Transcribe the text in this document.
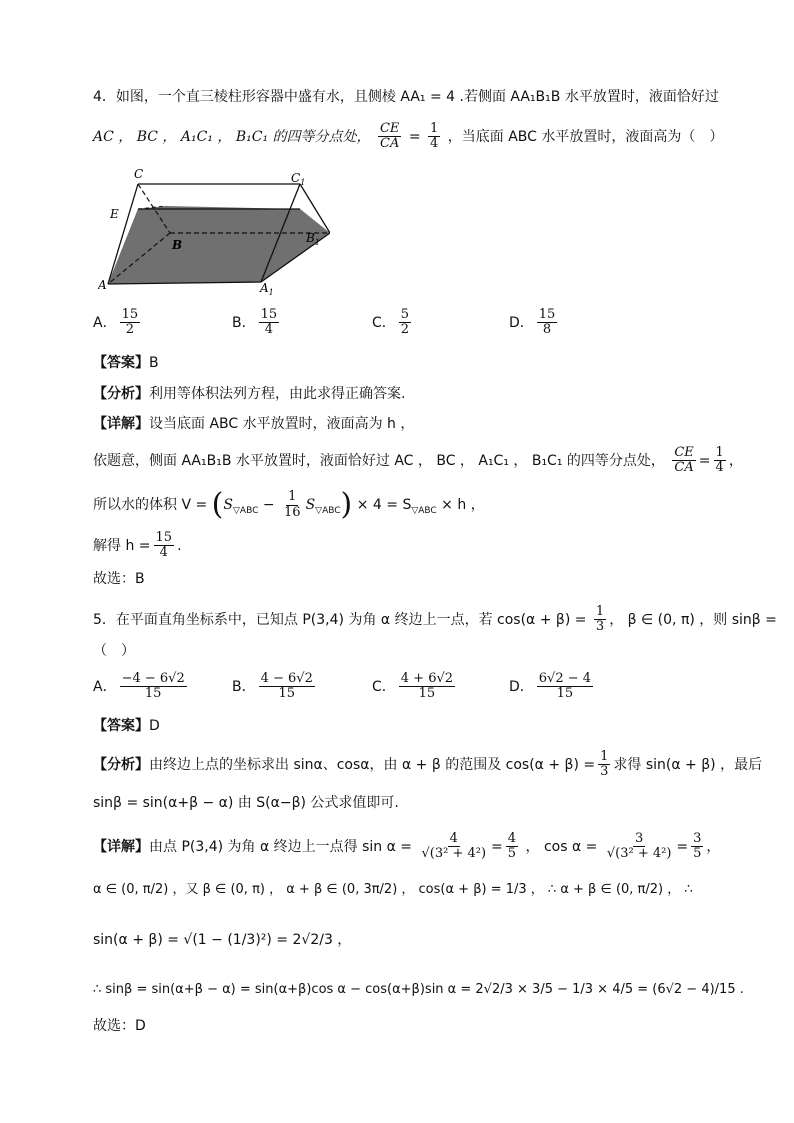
4．如图，一个直三棱柱形容器中盛有水，且侧棱 AA₁ = 4 .若侧面 AA₁B₁B 水平放置时，液面恰好过
AC ， BC ， A₁C₁ ， B₁C₁ 的四等分点处， $\frac{CE}{CA} = \frac{1}{4}$ ，当底面 ABC 水平放置时，液面高为（　）
C	$C_1$
E
B	$B_1$
A	$A_1$
A． $\frac{15}{2}$	B． $\frac{15}{4}$	C． $\frac{5}{2}$	D． $\frac{15}{8}$
【答案】B
【分析】利用等体积法列方程，由此求得正确答案.
【详解】设当底面 ABC 水平放置时，液面高为 h ，
依题意，侧面 AA₁B₁B 水平放置时，液面恰好过 AC ， BC ， A₁C₁ ， B₁C₁ 的四等分点处， $\frac{CE}{CA} = \frac{1}{4}$ ，
所以水的体积 $V = (S_{▽ABC} - \frac{1}{16} S_{▽ABC}) \times 4 = S_{▽ABC} \times h$ ，
解得 $h = \frac{15}{4}$ .
故选：B
5．在平面直角坐标系中，已知点 P(3,4) 为角 α 终边上一点，若 $\cos(\alpha + \beta) = \frac{1}{3}$ ， β ∈ (0, π) ，则 sinβ =
（　）
A． $\frac{-4 - 6√2}{15}$	B． $\frac{4 - 6√2}{15}$	C． $\frac{4 + 6√2}{15}$	D． $\frac{6√2 - 4}{15}$
【答案】D
【分析】由终边上点的坐标求出 sinα、cosα，由 α + β 的范围及 $\cos(\alpha + \beta) = \frac{1}{3}$ 求得 sin(α + β) ，最后
sinβ = sin(α+β − α) 由 S(α−β) 公式求值即可.
【详解】由点 P(3,4) 为角 α 终边上一点得 $\sin \alpha = \frac{4}{\text{√(3² + 4²)}} = \frac{4}{5}$ ， $\cos \alpha = \frac{3}{\text{√(3² + 4²)}} = \frac{3}{5}$ ，
α ∈ (0, π/2) ，又 β ∈ (0, π) ， α + β ∈ (0, 3π/2) ， cos(α + β) = 1/3 ， ∴ α + β ∈ (0, π/2) ， ∴
sin(α + β) = √(1 − (1/3)²) = 2√2/3 ，
∴ sinβ = sin(α+β − α) = sin(α+β)cos α − cos(α+β)sin α = 2√2/3 × 3/5 − 1/3 × 4/5 = (6√2 − 4)/15 .
故选：D
